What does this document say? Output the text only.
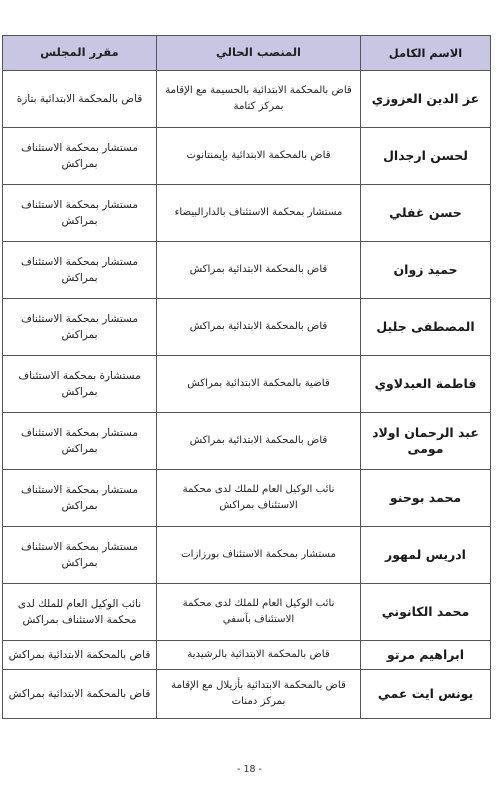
الاسم الكامل	المنصب الحالي	مقرر المجلس
عز الدين العزوزي	قاض بالمحكمة الابتدائية بالحسيمة مع الإقامة بمركز كتامة	قاض بالمحكمة الابتدائية بتازة
لحسن ارجدال	قاض بالمحكمة الابتدائية بإيمنتانوت	مستشار بمحكمة الاستئناف بمراكش
حسن غفلي	مستشار بمحكمة الاستئناف بالدارالبيضاء	مستشار بمحكمة الاستئناف بمراكش
حميد زوان	قاض بالمحكمة الابتدائية بمراكش	مستشار بمحكمة الاستئناف بمراكش
المصطفى جليل	قاض بالمحكمة الابتدائية بمراكش	مستشار بمحكمة الاستئناف بمراكش
فاطمة العبدلاوي	قاضية بالمحكمة الابتدائية بمراكش	مستشارة بمحكمة الاستئناف بمراكش
عبد الرحمان اولاد مومى	قاض بالمحكمة الابتدائية بمراكش	مستشار بمحكمة الاستئناف بمراكش
محمد بوحنو	نائب الوكيل العام للملك لدى محكمة الاستئناف بمراكش	مستشار بمحكمة الاستئناف بمراكش
ادريس لمهور	مستشار بمحكمة الاستئناف بورزازات	مستشار بمحكمة الاستئناف بمراكش
محمد الكانوني	نائب الوكيل العام للملك لدى محكمة الاستئناف بآسفي	نائب الوكيل العام للملك لدى محكمة الاستئناف بمراكش
ابراهيم مرتو	قاض بالمحكمة الابتدائية بالرشيدية	قاض بالمحكمة الابتدائية بمراكش
يونس ايت عمي	قاض بالمحكمة الابتدائية بأزيلال مع الإقامة بمركز دمنات	قاض بالمحكمة الابتدائية بمراكش
- 18 -
